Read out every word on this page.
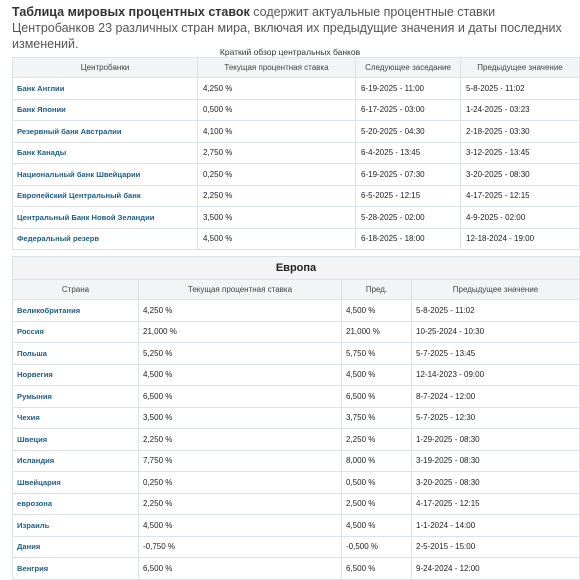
Таблица мировых процентных ставок содержит актуальные процентные ставки Центробанков 23 различных стран мира, включая их предыдущие значения и даты последних изменений.
Краткий обзор центральных банков
Центробанки	Текущая процентная ставка	Следующее заседание	Предыдущее значение
Банк Англии	4,250 %	6-19-2025 - 11:00	5-8-2025 - 11:02
Банк Японии	0,500 %	6-17-2025 - 03:00	1-24-2025 - 03:23
Резервный банк Австралии	4,100 %	5-20-2025 - 04:30	2-18-2025 - 03:30
Банк Канады	2,750 %	6-4-2025 - 13:45	3-12-2025 - 13:45
Национальный банк Швейцарии	0,250 %	6-19-2025 - 07:30	3-20-2025 - 08:30
Европейский Центральный банк	2,250 %	6-5-2025 - 12:15	4-17-2025 - 12:15
Центральный Банк Новой Зеландии	3,500 %	5-28-2025 - 02:00	4-9-2025 - 02:00
Федеральный резерв	4,500 %	6-18-2025 - 18:00	12-18-2024 - 19:00
Европа			
Страна	Текущая процентная ставка	Пред.	Предыдущее значение
Великобритания	4,250 %	4,500 %	5-8-2025 - 11:02
Россия	21,000 %	21,000 %	10-25-2024 - 10:30
Польша	5,250 %	5,750 %	5-7-2025 - 13:45
Норвегия	4,500 %	4,500 %	12-14-2023 - 09:00
Румыния	6,500 %	6,500 %	8-7-2024 - 12:00
Чехия	3,500 %	3,750 %	5-7-2025 - 12:30
Швеция	2,250 %	2,250 %	1-29-2025 - 08:30
Исландия	7,750 %	8,000 %	3-19-2025 - 08:30
Швейцария	0,250 %	0,500 %	3-20-2025 - 08:30
еврозона	2,250 %	2,500 %	4-17-2025 - 12:15
Израиль	4,500 %	4,500 %	1-1-2024 - 14:00
Дания	-0,750 %	-0,500 %	2-5-2015 - 15:00
Венгрия	6,500 %	6,500 %	9-24-2024 - 12:00
